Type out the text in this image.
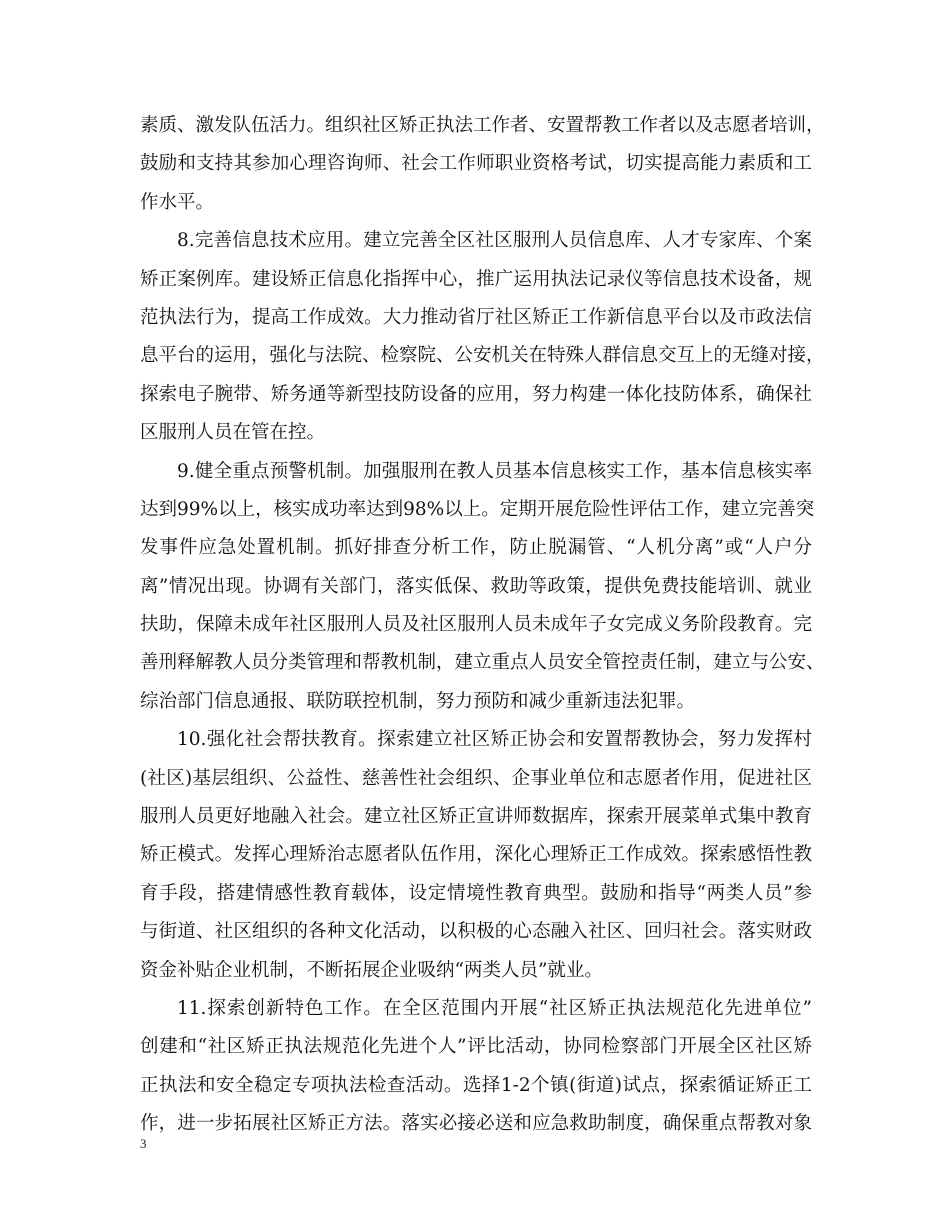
素质、激发队伍活力。组织社区矫正执法工作者、安置帮教工作者以及志愿者培训，
鼓励和支持其参加心理咨询师、社会工作师职业资格考试，切实提高能力素质和工
作水平。
8.完善信息技术应用。建立完善全区社区服刑人员信息库、人才专家库、个案
矫正案例库。建设矫正信息化指挥中心，推广运用执法记录仪等信息技术设备，规
范执法行为，提高工作成效。大力推动省厅社区矫正工作新信息平台以及市政法信
息平台的运用，强化与法院、检察院、公安机关在特殊人群信息交互上的无缝对接，
探索电子腕带、矫务通等新型技防设备的应用，努力构建一体化技防体系，确保社
区服刑人员在管在控。
9.健全重点预警机制。加强服刑在教人员基本信息核实工作，基本信息核实率
达到99%以上，核实成功率达到98%以上。定期开展危险性评估工作，建立完善突
发事件应急处置机制。抓好排查分析工作，防止脱漏管、“人机分离”或“人户分
离”情况出现。协调有关部门，落实低保、救助等政策，提供免费技能培训、就业
扶助，保障未成年社区服刑人员及社区服刑人员未成年子女完成义务阶段教育。完
善刑释解教人员分类管理和帮教机制，建立重点人员安全管控责任制，建立与公安、
综治部门信息通报、联防联控机制，努力预防和减少重新违法犯罪。
10.强化社会帮扶教育。探索建立社区矫正协会和安置帮教协会，努力发挥村
(社区)基层组织、公益性、慈善性社会组织、企事业单位和志愿者作用，促进社区
服刑人员更好地融入社会。建立社区矫正宣讲师数据库，探索开展菜单式集中教育
矫正模式。发挥心理矫治志愿者队伍作用，深化心理矫正工作成效。探索感悟性教
育手段，搭建情感性教育载体，设定情境性教育典型。鼓励和指导“两类人员”参
与街道、社区组织的各种文化活动，以积极的心态融入社区、回归社会。落实财政
资金补贴企业机制，不断拓展企业吸纳“两类人员”就业。
11.探索创新特色工作。在全区范围内开展“社区矫正执法规范化先进单位”
创建和“社区矫正执法规范化先进个人”评比活动，协同检察部门开展全区社区矫
正执法和安全稳定专项执法检查活动。选择1-2个镇(街道)试点，探索循证矫正工
作，进一步拓展社区矫正方法。落实必接必送和应急救助制度，确保重点帮教对象
3
